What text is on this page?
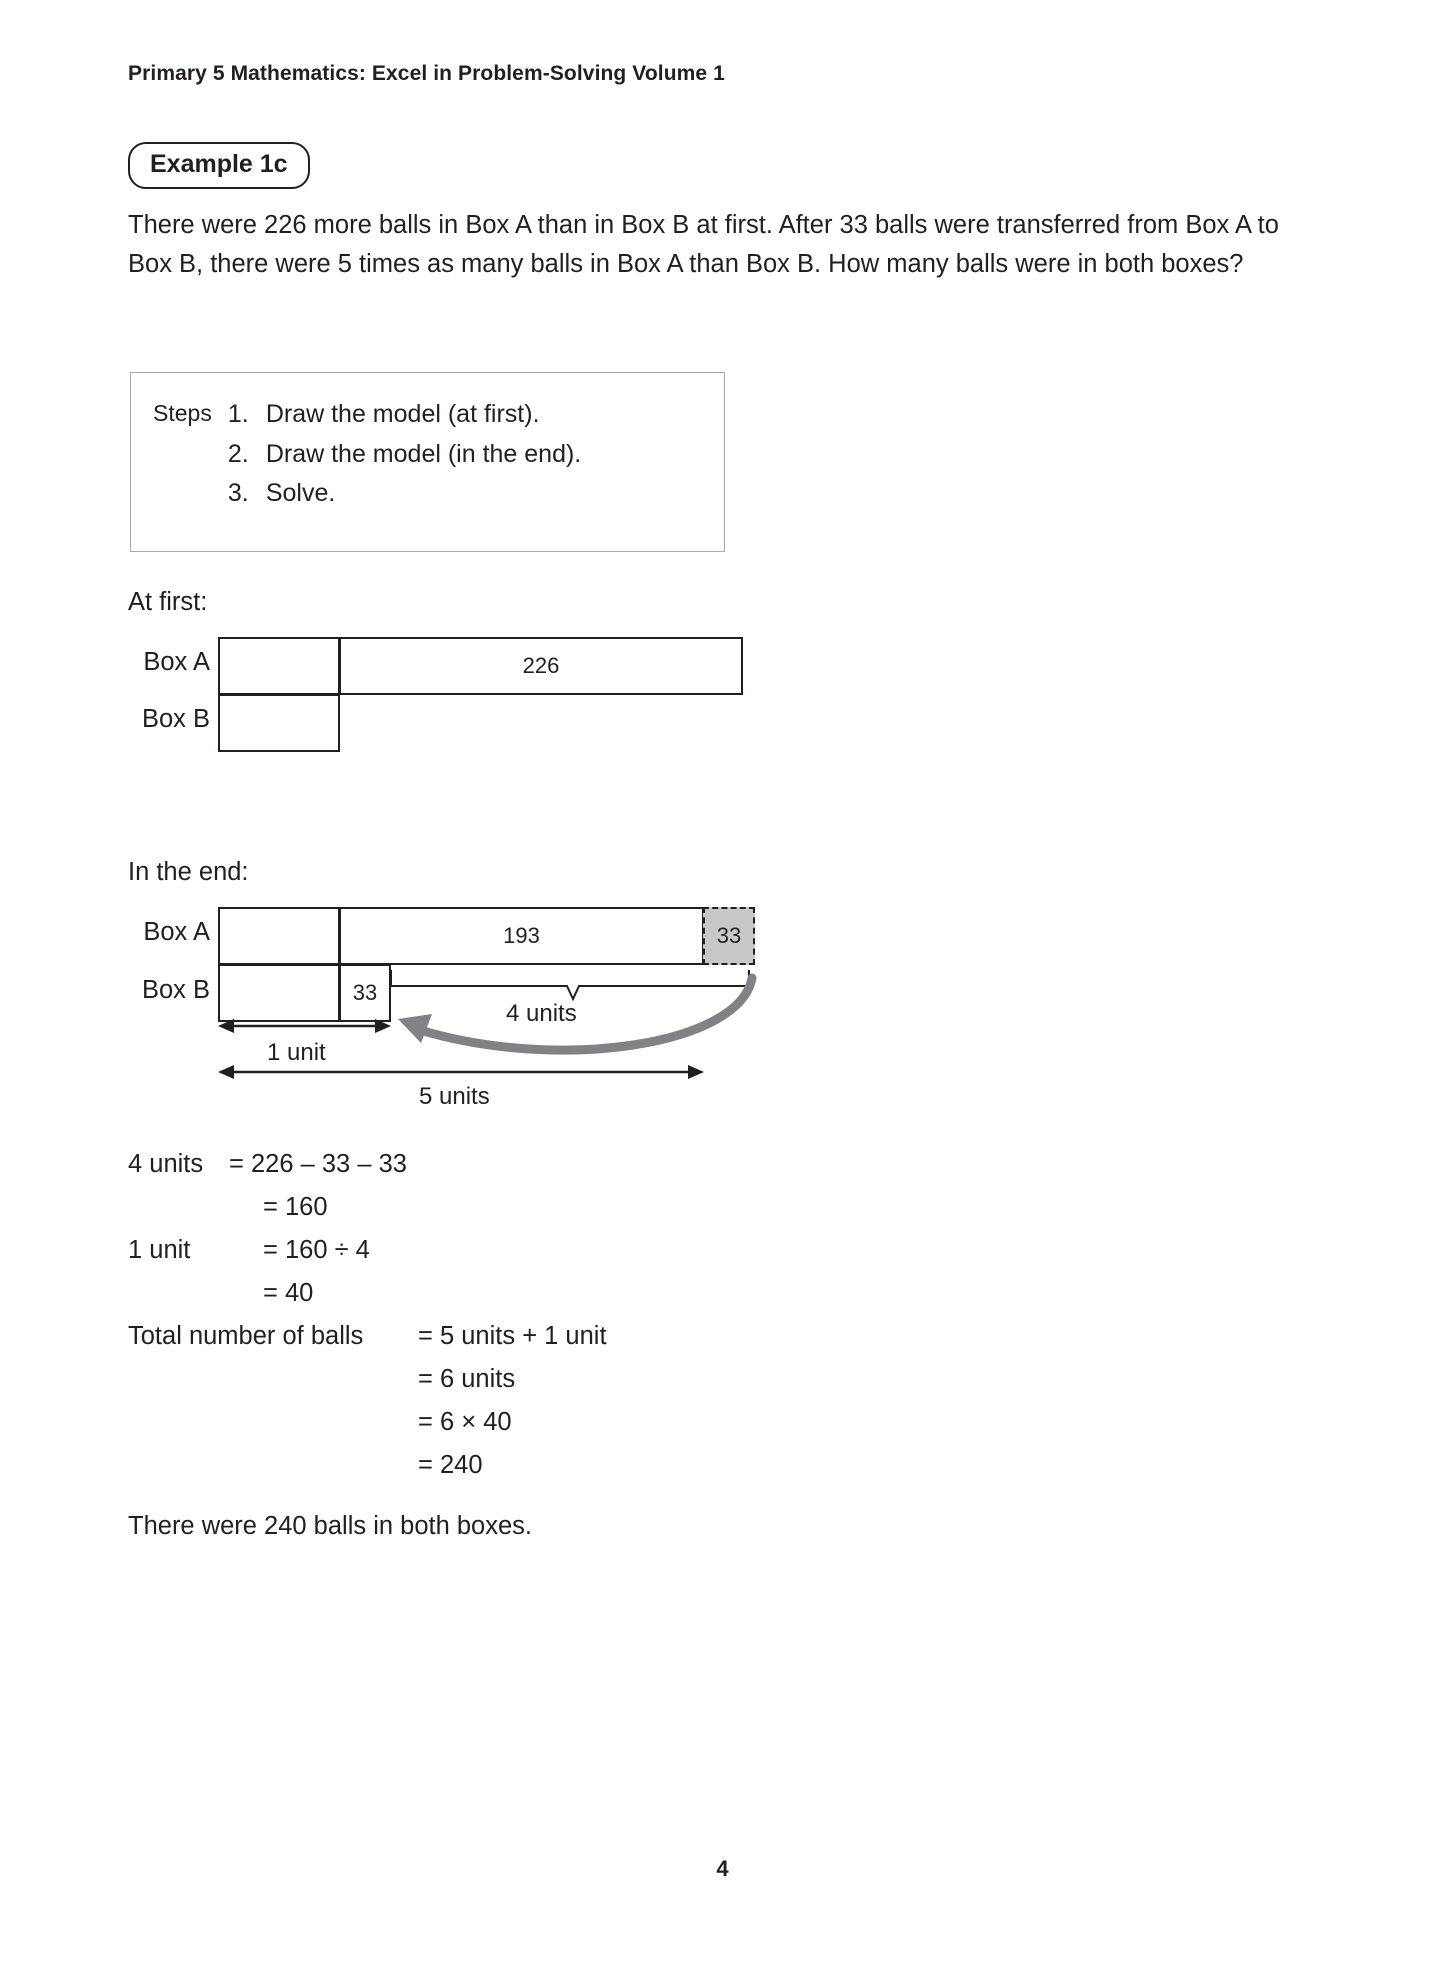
Primary 5 Mathematics: Excel in Problem-Solving Volume 1
Example 1c
There were 226 more balls in Box A than in Box B at first. After 33 balls were transferred from Box A to Box B, there were 5 times as many balls in Box A than Box B. How many balls were in both boxes?
Steps 1. Draw the model (at first).
2. Draw the model (in the end).
3. Solve.
At first:
Box A
Box B
226
In the end:
Box A
Box B
193	33
33
4 units
1 unit
5 units
4 units = 226 – 33 – 33
= 160
1 unit	= 160 ÷ 4
= 40
Total number of balls = 5 units + 1 unit
= 6 units
= 6 × 40
= 240
There were 240 balls in both boxes.
4
